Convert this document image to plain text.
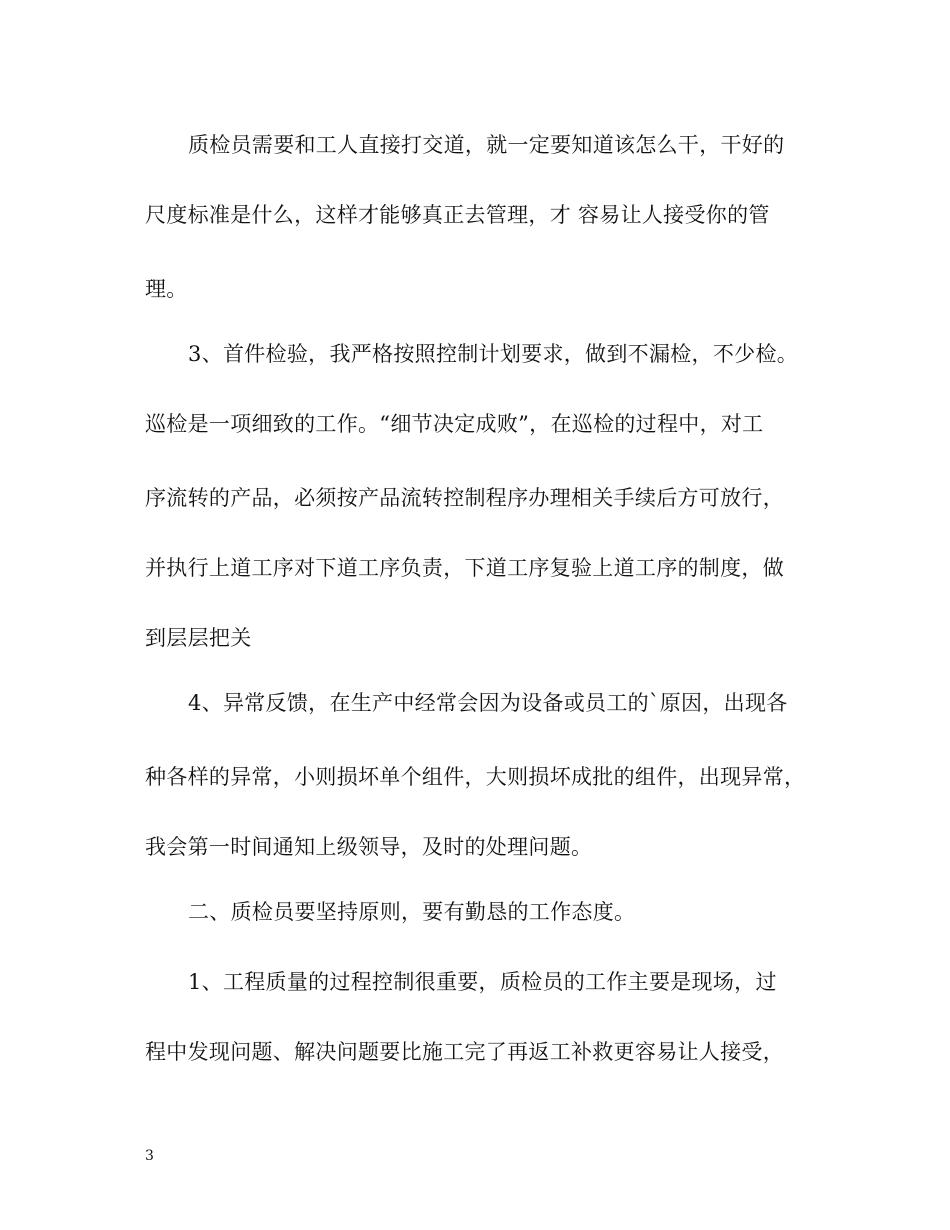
质检员需要和工人直接打交道，就一定要知道该怎么干，干好的
尺度标准是什么，这样才能够真正去管理，才 容易让人接受你的管
理。
3、首件检验，我严格按照控制计划要求，做到不漏检，不少检。
巡检是一项细致的工作。“细节决定成败”，在巡检的过程中，对工
序流转的产品，必须按产品流转控制程序办理相关手续后方可放行，
并执行上道工序对下道工序负责，下道工序复验上道工序的制度，做
到层层把关
4、异常反馈，在生产中经常会因为设备或员工的`原因，出现各
种各样的异常，小则损坏单个组件，大则损坏成批的组件，出现异常，
我会第一时间通知上级领导，及时的处理问题。
二、质检员要坚持原则，要有勤恳的工作态度。
1、工程质量的过程控制很重要，质检员的工作主要是现场，过
程中发现问题、解决问题要比施工完了再返工补救更容易让人接受，
3
